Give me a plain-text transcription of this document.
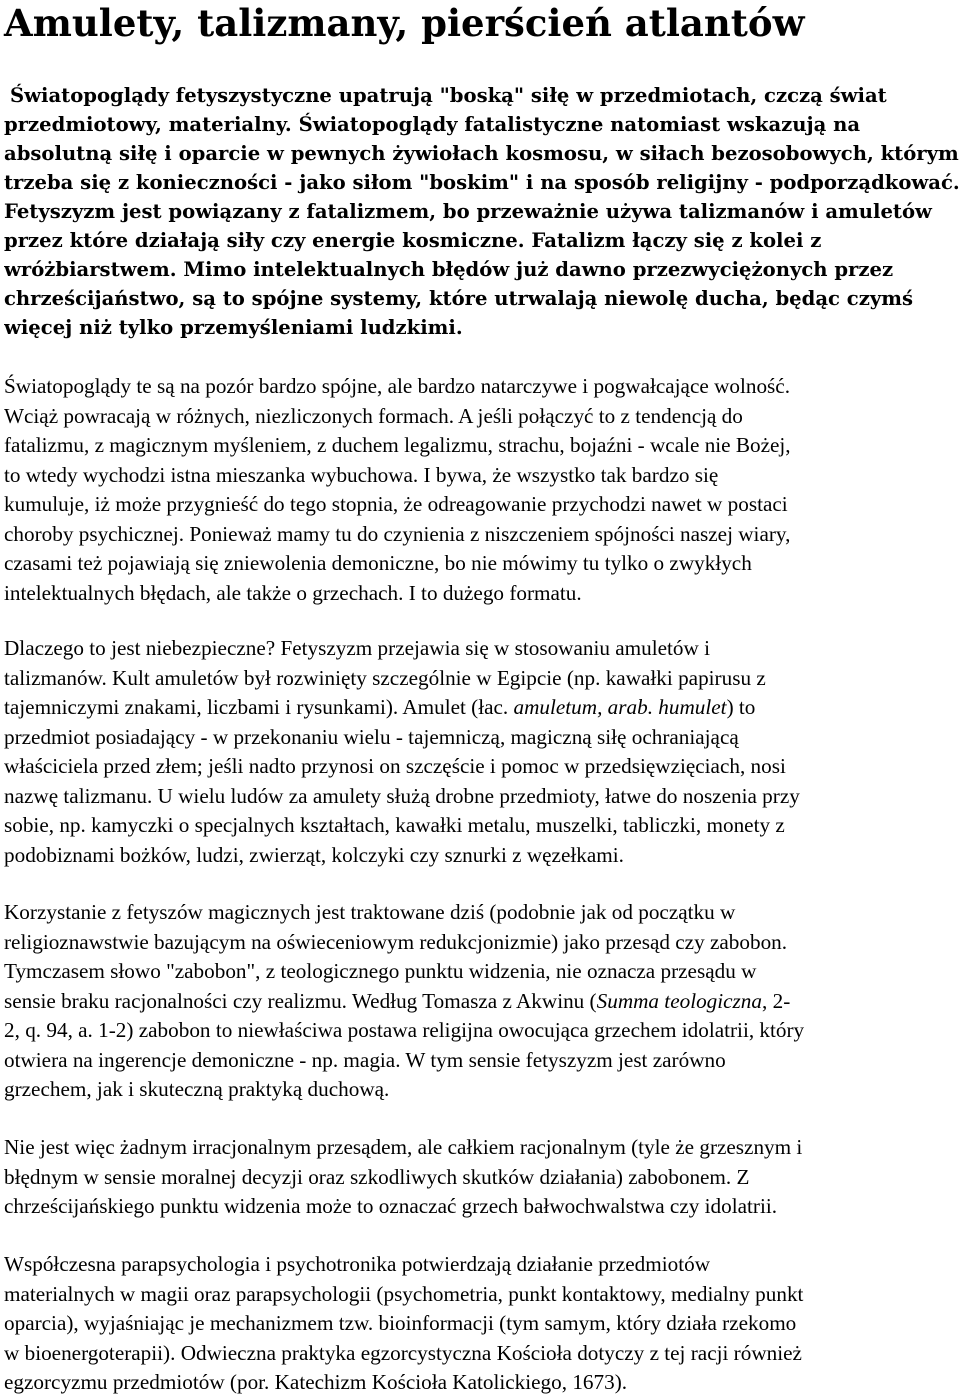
Amulety, talizmany, pierścień atlantów
Światopoglądy fetyszystyczne upatrują "boską" siłę w przedmiotach, czczą świat
przedmiotowy, materialny. Światopoglądy fatalistyczne natomiast wskazują na
absolutną siłę i oparcie w pewnych żywiołach kosmosu, w siłach bezosobowych, którym
trzeba się z konieczności - jako siłom "boskim" i na sposób religijny - podporządkować.
Fetyszyzm jest powiązany z fatalizmem, bo przeważnie używa talizmanów i amuletów
przez które działają siły czy energie kosmiczne. Fatalizm łączy się z kolei z
wróżbiarstwem. Mimo intelektualnych błędów już dawno przezwyciężonych przez
chrześcijaństwo, są to spójne systemy, które utrwalają niewolę ducha, będąc czymś
więcej niż tylko przemyśleniami ludzkimi.
Światopoglądy te są na pozór bardzo spójne, ale bardzo natarczywe i pogwałcające wolność.
Wciąż powracają w różnych, niezliczonych formach. A jeśli połączyć to z tendencją do
fatalizmu, z magicznym myśleniem, z duchem legalizmu, strachu, bojaźni - wcale nie Bożej,
to wtedy wychodzi istna mieszanka wybuchowa. I bywa, że wszystko tak bardzo się
kumuluje, iż może przygnieść do tego stopnia, że odreagowanie przychodzi nawet w postaci
choroby psychicznej. Ponieważ mamy tu do czynienia z niszczeniem spójności naszej wiary,
czasami też pojawiają się zniewolenia demoniczne, bo nie mówimy tu tylko o zwykłych
intelektualnych błędach, ale także o grzechach. I to dużego formatu.
Dlaczego to jest niebezpieczne? Fetyszyzm przejawia się w stosowaniu amuletów i
talizmanów. Kult amuletów był rozwinięty szczególnie w Egipcie (np. kawałki papirusu z
tajemniczymi znakami, liczbami i rysunkami). Amulet (łac. amuletum, arab. humulet) to
przedmiot posiadający - w przekonaniu wielu - tajemniczą, magiczną siłę ochraniającą
właściciela przed złem; jeśli nadto przynosi on szczęście i pomoc w przedsięwzięciach, nosi
nazwę talizmanu. U wielu ludów za amulety służą drobne przedmioty, łatwe do noszenia przy
sobie, np. kamyczki o specjalnych kształtach, kawałki metalu, muszelki, tabliczki, monety z
podobiznami bożków, ludzi, zwierząt, kolczyki czy sznurki z węzełkami.
Korzystanie z fetyszów magicznych jest traktowane dziś (podobnie jak od początku w
religioznawstwie bazującym na oświeceniowym redukcjonizmie) jako przesąd czy zabobon.
Tymczasem słowo "zabobon", z teologicznego punktu widzenia, nie oznacza przesądu w
sensie braku racjonalności czy realizmu. Według Tomasza z Akwinu (Summa teologiczna, 2-
2, q. 94, a. 1-2) zabobon to niewłaściwa postawa religijna owocująca grzechem idolatrii, który
otwiera na ingerencje demoniczne - np. magia. W tym sensie fetyszyzm jest zarówno
grzechem, jak i skuteczną praktyką duchową.
Nie jest więc żadnym irracjonalnym przesądem, ale całkiem racjonalnym (tyle że grzesznym i
błędnym w sensie moralnej decyzji oraz szkodliwych skutków działania) zabobonem. Z
chrześcijańskiego punktu widzenia może to oznaczać grzech bałwochwalstwa czy idolatrii.
Współczesna parapsychologia i psychotronika potwierdzają działanie przedmiotów
materialnych w magii oraz parapsychologii (psychometria, punkt kontaktowy, medialny punkt
oparcia), wyjaśniając je mechanizmem tzw. bioinformacji (tym samym, który działa rzekomo
w bioenergoterapii). Odwieczna praktyka egzorcystyczna Kościoła dotyczy z tej racji również
egzorcyzmu przedmiotów (por. Katechizm Kościoła Katolickiego, 1673).
